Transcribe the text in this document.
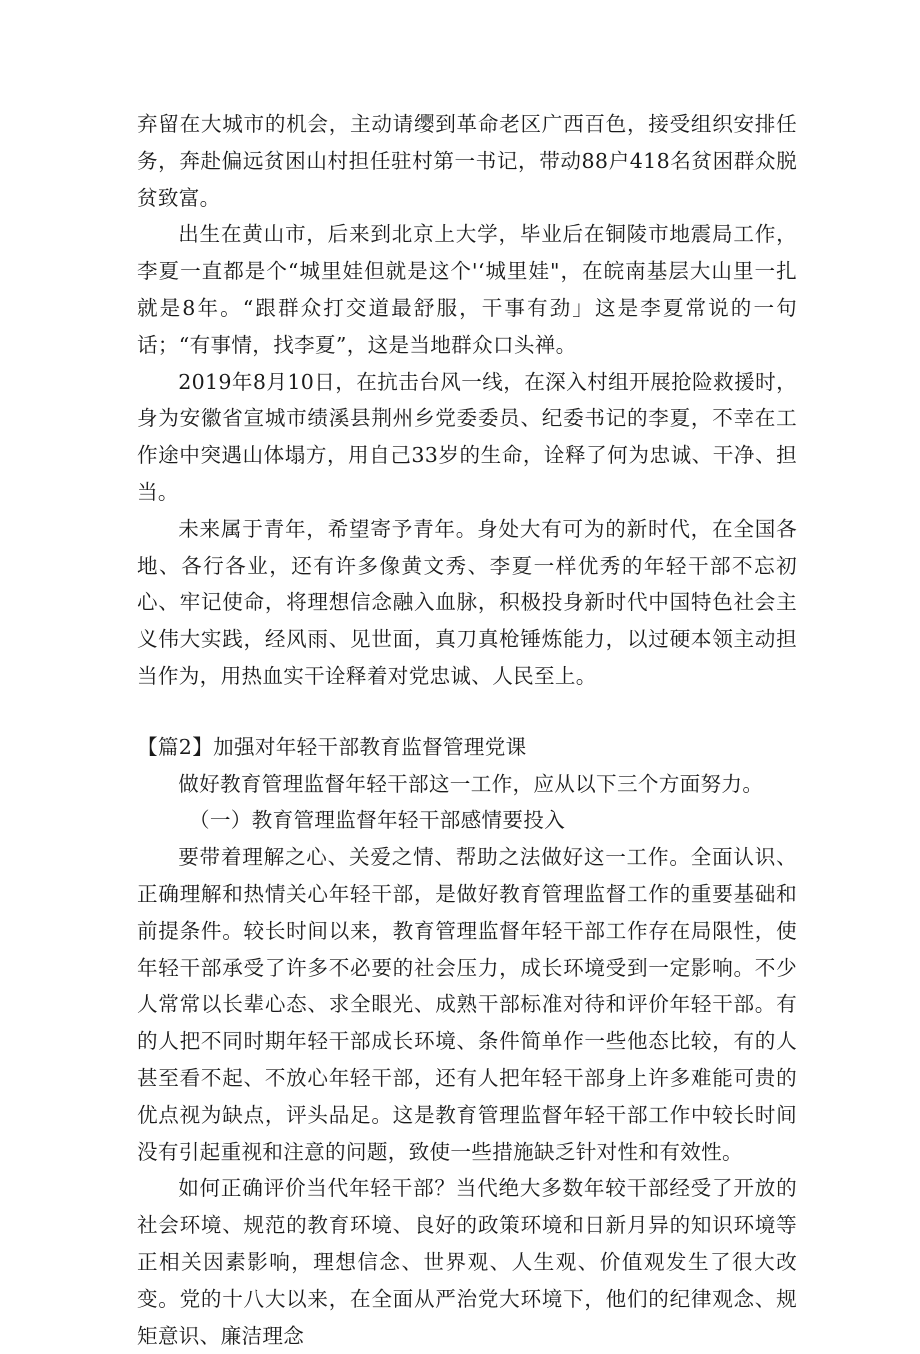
弃留在大城市的机会，主动请缨到革命老区广西百色，接受组织安排任务，奔赴偏远贫困山村担任驻村第一书记，带动88户418名贫困群众脱贫致富。

出生在黄山市，后来到北京上大学，毕业后在铜陵市地震局工作，李夏一直都是个“城里娃但就是这个'‘城里娃"，在皖南基层大山里一扎就是8年。“跟群众打交道最舒服，干事有劲」这是李夏常说的一句话；“有事情，找李夏”，这是当地群众口头禅。

2019年8月10日，在抗击台风一线，在深入村组开展抢险救援时，身为安徽省宣城市绩溪县荆州乡党委委员、纪委书记的李夏，不幸在工作途中突遇山体塌方，用自己33岁的生命，诠释了何为忠诚、干净、担当。

未来属于青年，希望寄予青年。身处大有可为的新时代，在全国各地、各行各业，还有许多像黄文秀、李夏一样优秀的年轻干部不忘初心、牢记使命，将理想信念融入血脉，积极投身新时代中国特色社会主义伟大实践，经风雨、见世面，真刀真枪锤炼能力，以过硬本领主动担当作为，用热血实干诠释着对党忠诚、人民至上。

【篇2】加强对年轻干部教育监督管理党课

做好教育管理监督年轻干部这一工作，应从以下三个方面努力。

（一）教育管理监督年轻干部感情要投入

要带着理解之心、关爱之情、帮助之法做好这一工作。全面认识、正确理解和热情关心年轻干部，是做好教育管理监督工作的重要基础和前提条件。较长时间以来，教育管理监督年轻干部工作存在局限性，使年轻干部承受了许多不必要的社会压力，成长环境受到一定影响。不少人常常以长辈心态、求全眼光、成熟干部标准对待和评价年轻干部。有的人把不同时期年轻干部成长环境、条件简单作一些他态比较，有的人甚至看不起、不放心年轻干部，还有人把年轻干部身上许多难能可贵的优点视为缺点，评头品足。这是教育管理监督年轻干部工作中较长时间没有引起重视和注意的问题，致使一些措施缺乏针对性和有效性。

如何正确评价当代年轻干部？当代绝大多数年较干部经受了开放的社会环境、规范的教育环境、良好的政策环境和日新月异的知识环境等正相关因素影响，理想信念、世界观、人生观、价值观发生了很大改变。党的十八大以来，在全面从严治党大环境下，他们的纪律观念、规矩意识、廉洁理念
